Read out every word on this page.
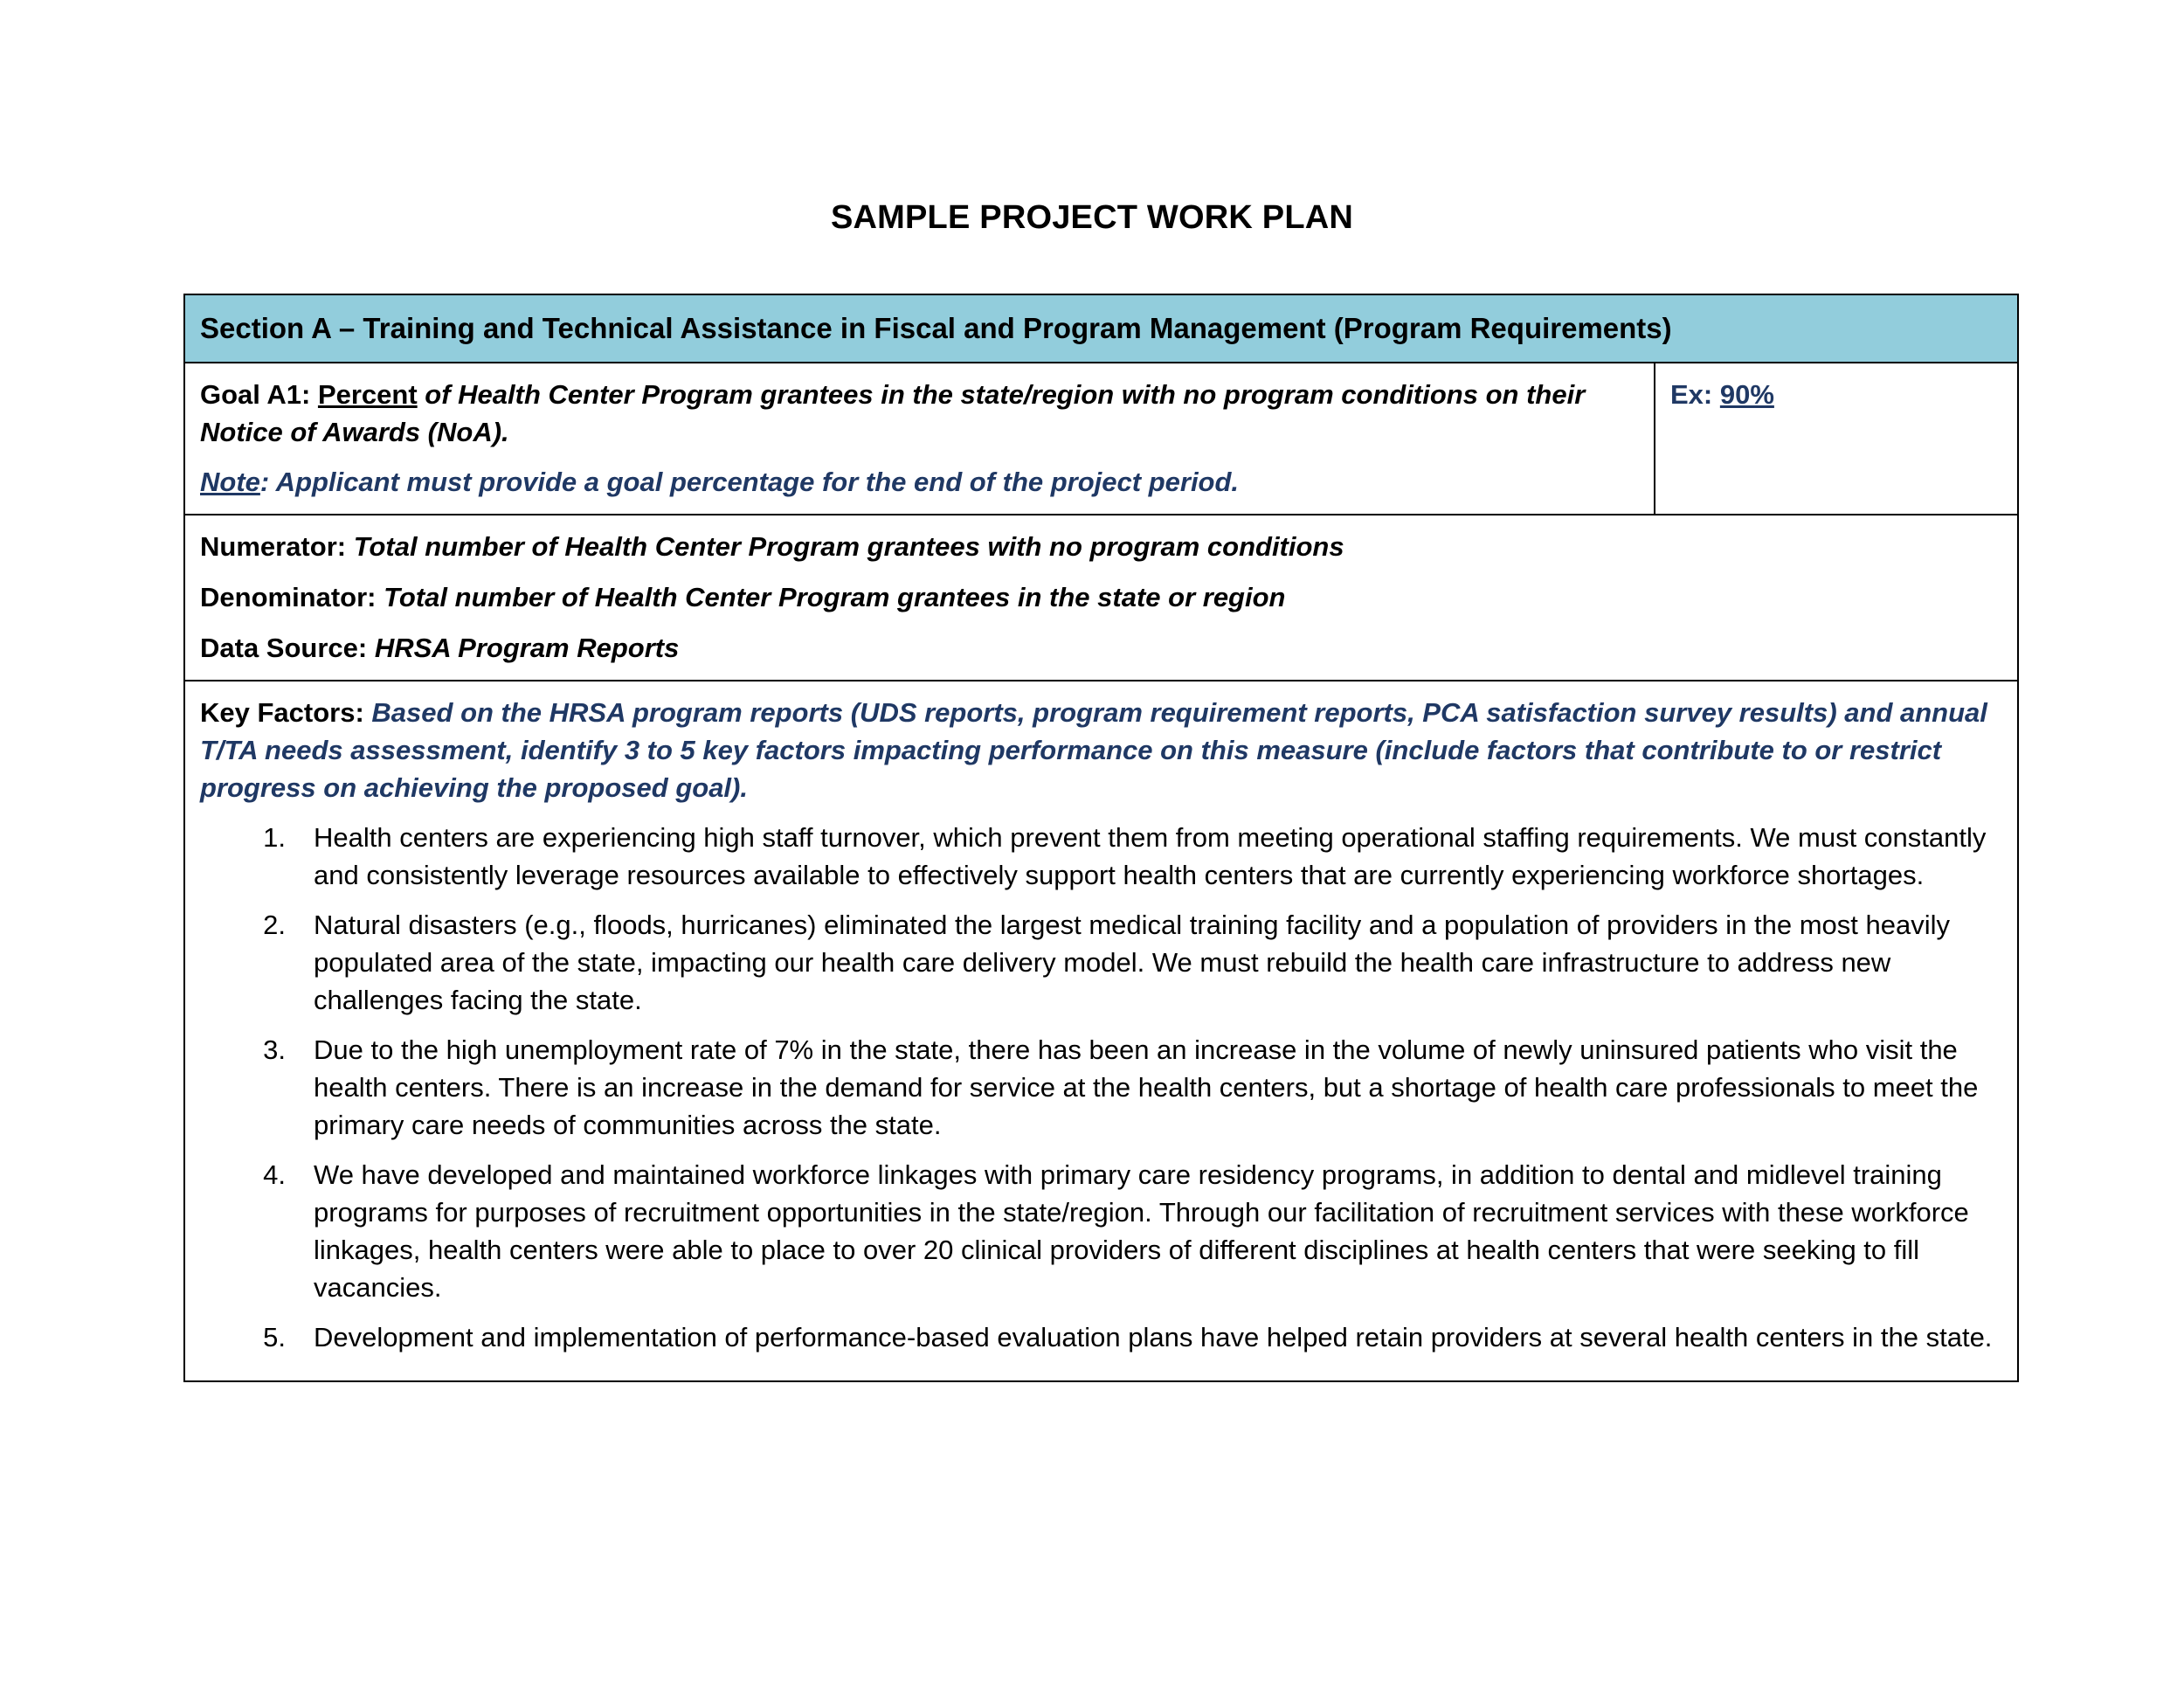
SAMPLE PROJECT WORK PLAN
Section A – Training and Technical Assistance in Fiscal and Program Management (Program Requirements)
Goal A1: Percent of Health Center Program grantees in the state/region with no program conditions on their Notice of Awards (NoA).
Note: Applicant must provide a goal percentage for the end of the project period.
Ex: 90%
Numerator: Total number of Health Center Program grantees with no program conditions
Denominator: Total number of Health Center Program grantees in the state or region
Data Source: HRSA Program Reports
Key Factors: Based on the HRSA program reports (UDS reports, program requirement reports, PCA satisfaction survey results) and annual T/TA needs assessment, identify 3 to 5 key factors impacting performance on this measure (include factors that contribute to or restrict progress on achieving the proposed goal).
1.	Health centers are experiencing high staff turnover, which prevent them from meeting operational staffing requirements. We must constantly and consistently leverage resources available to effectively support health centers that are currently experiencing workforce shortages.
2.	Natural disasters (e.g., floods, hurricanes) eliminated the largest medical training facility and a population of providers in the most heavily populated area of the state, impacting our health care delivery model. We must rebuild the health care infrastructure to address new challenges facing the state.
3.	Due to the high unemployment rate of 7% in the state, there has been an increase in the volume of newly uninsured patients who visit the health centers. There is an increase in the demand for service at the health centers, but a shortage of health care professionals to meet the primary care needs of communities across the state.
4.	We have developed and maintained workforce linkages with primary care residency programs, in addition to dental and midlevel training programs for purposes of recruitment opportunities in the state/region. Through our facilitation of recruitment services with these workforce linkages, health centers were able to place to over 20 clinical providers of different disciplines at health centers that were seeking to fill vacancies.
5.	Development and implementation of performance-based evaluation plans have helped retain providers at several health centers in the state.
